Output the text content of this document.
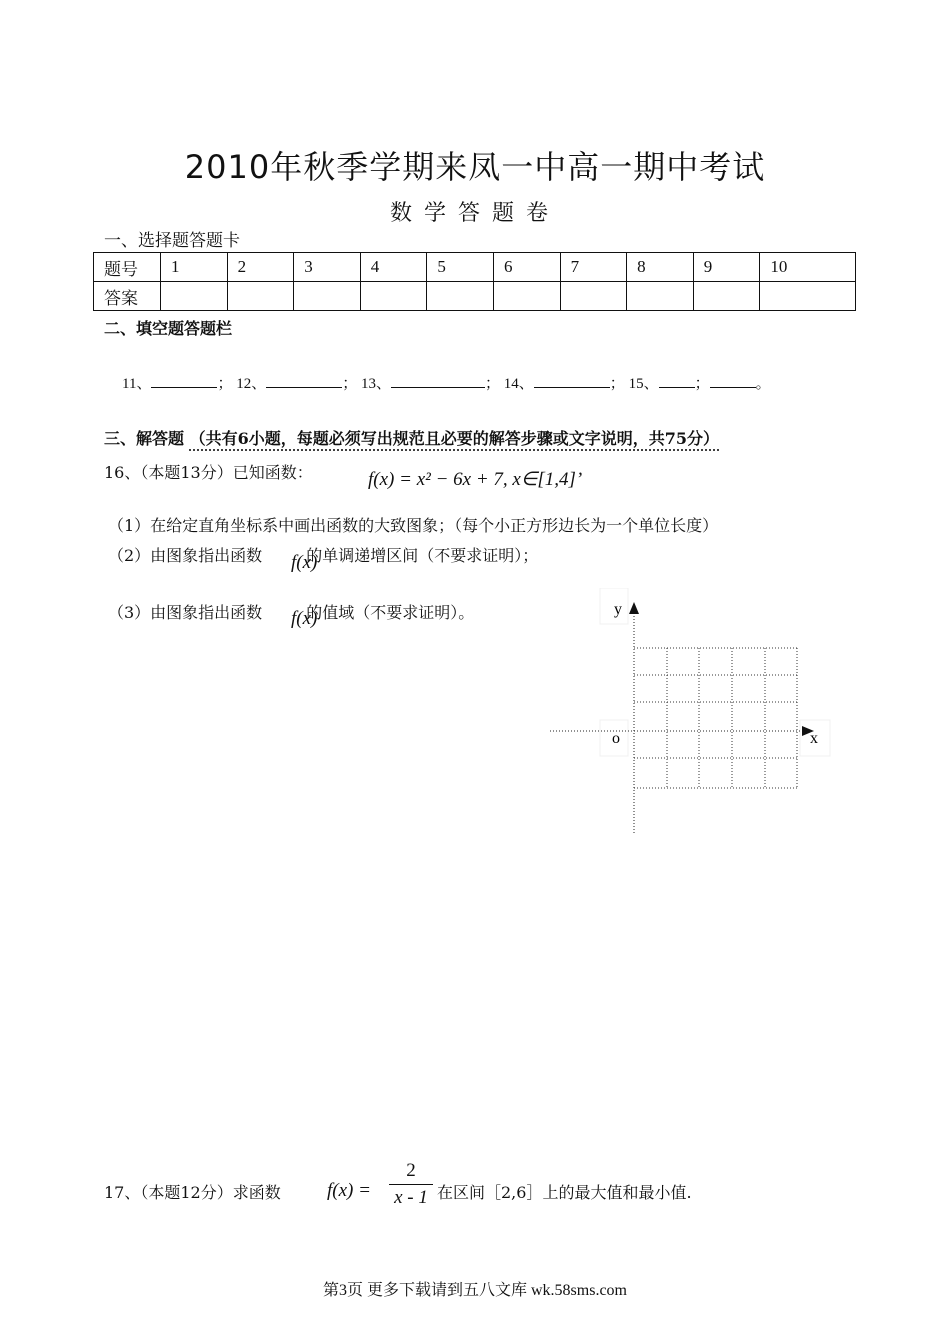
2010年秋季学期来凤一中高一期中考试
数学答题卷
一、选择题答题卡
题号	1	2	3	4	5	6	7	8	9	10
答案										
二、填空题答题栏
11、	； 12、	； 13、	； 14、	； 15、 ；	。
三、解答题 （共有6小题，每题必须写出规范且必要的解答步骤或文字说明，共75分）
16、（本题13分）已知函数：	f(x) = x² − 6x + 7, x∈[1,4]’
（1）在给定直角坐标系中画出函数的大致图象；（每个小正方形边长为一个单位长度）
（2）由图象指出函数	的单调递增区间（不要求证明）；
f(x)
（3）由图象指出函数	的值域（不要求证明）。
f(x)	y
o	x
17、（本题12分）求函数 $f(x) = \frac{2}{x - 1}$ 在区间［2,6］上的最大值和最小值.
第3页 更多下载请到五八文库 wk.58sms.com
